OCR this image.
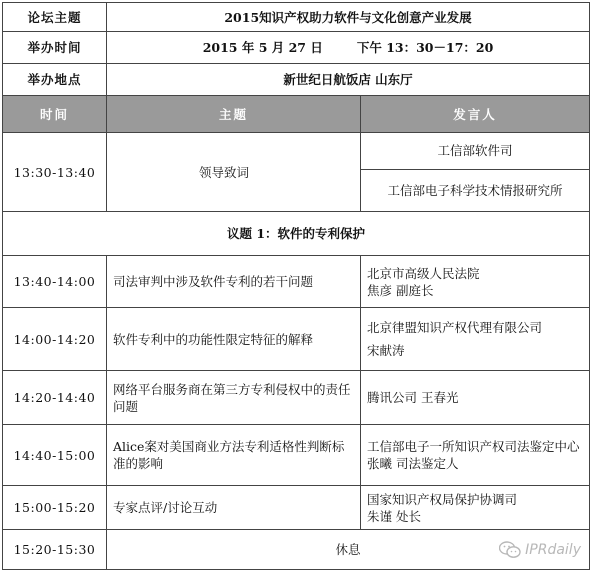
论坛主题	2015知识产权助力软件与文化创意产业发展	
举办时间	2015 年 5 月 27 日 下午 13：30－17：20	
举办地点	新世纪日航饭店 山东厅	
时间	主题	发言人
13:30-13:40	领导致词	工信部软件司
工信部电子科学技术情报研究所

议题 1：软件的专利保护		
13:40-14:00	司法审判中涉及软件专利的若干问题	北京市高级人民法院
焦彦 副庭长

14:00-14:20	软件专利中的功能性限定特征的解释	北京律盟知识产权代理有限公司
宋献涛

14:20-14:40	网络平台服务商在第三方专利侵权中的责任问题	腾讯公司 王春光

14:40-15:00	Alice案对美国商业方法专利适格性判断标准的影响	工信部电子一所知识产权司法鉴定中心
张曦 司法鉴定人

15:00-15:20	专家点评/讨论互动	国家知识产权局保护协调司
朱谨 处长

15:20-15:30	休息		IPRdaily
